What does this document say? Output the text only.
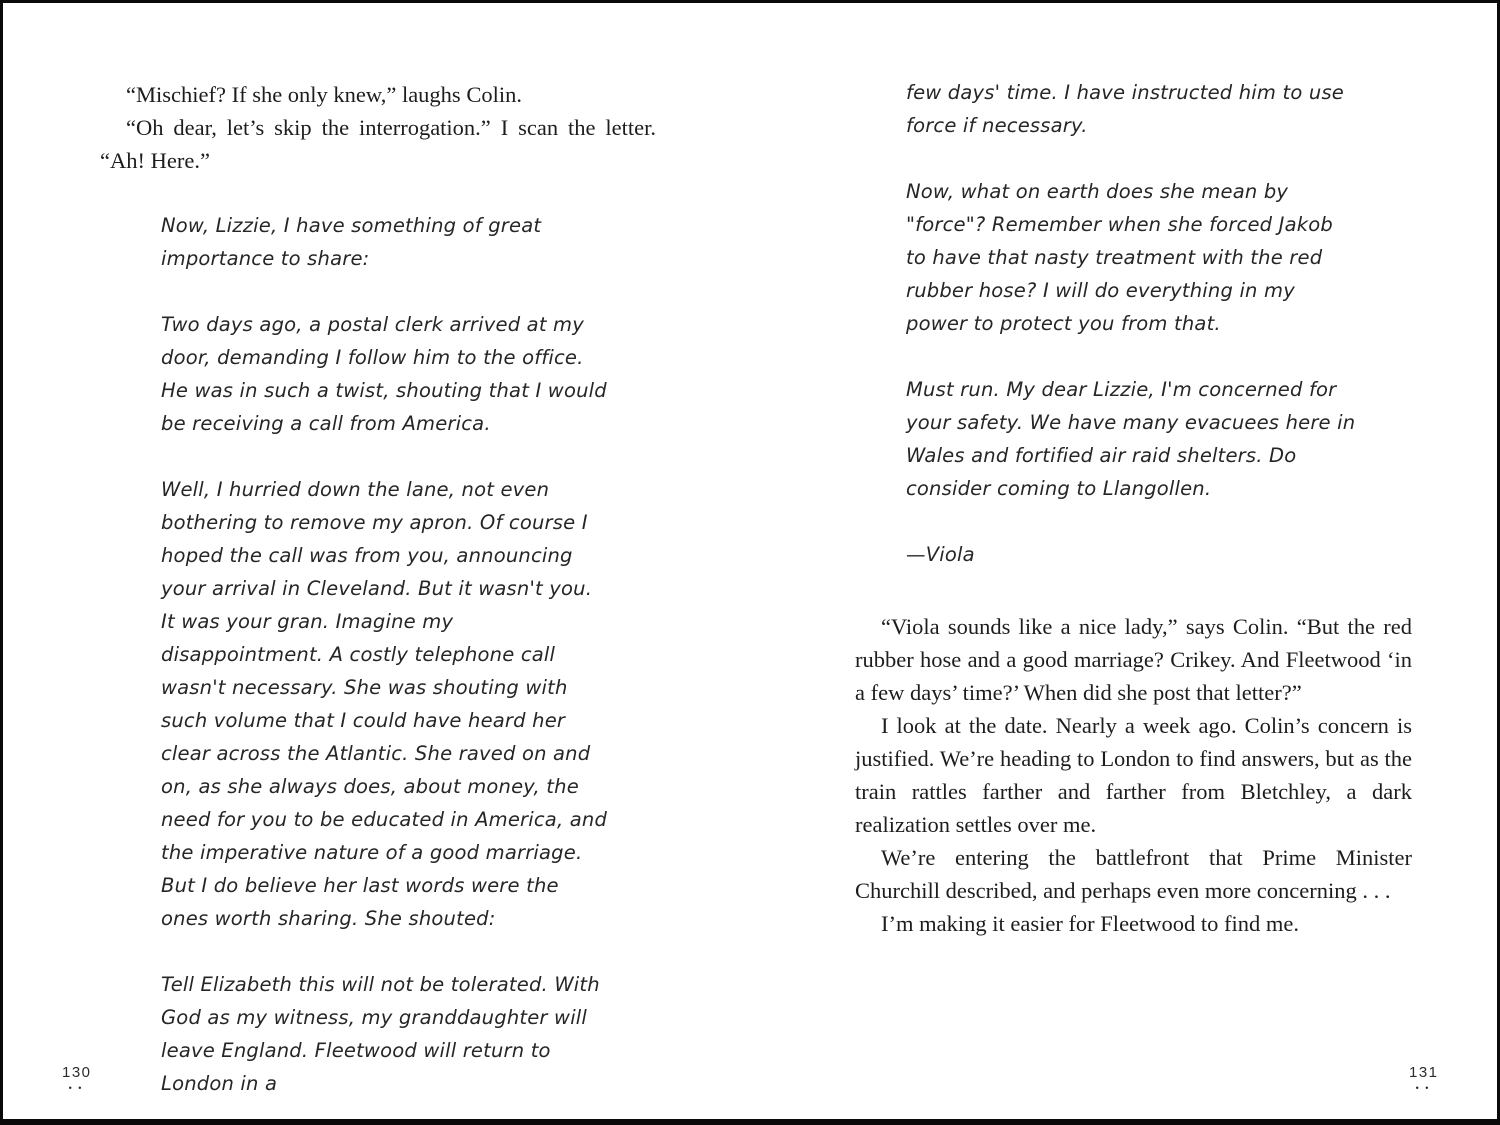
“Mischief? If she only knew,” laughs Colin.

“Oh dear, let’s skip the interrogation.” I scan the letter. “Ah! Here.”

Now, Lizzie, I have something of great importance to share:

Two days ago, a postal clerk arrived at my door, demanding I follow him to the office. He was in such a twist, shouting that I would be receiving a call from America.

Well, I hurried down the lane, not even bothering to remove my apron. Of course I hoped the call was from you, announcing your arrival in Cleveland. But it wasn't you. It was your gran. Imagine my disappointment. A costly telephone call wasn't necessary. She was shouting with such volume that I could have heard her clear across the Atlantic. She raved on and on, as she always does, about money, the need for you to be educated in America, and the imperative nature of a good marriage. But I do believe her last words were the ones worth sharing. She shouted:

Tell Elizabeth this will not be tolerated. With God as my witness, my granddaughter will leave England. Fleetwood will return to London in a

130
• •

few days' time. I have instructed him to use force if necessary.

Now, what on earth does she mean by "force"? Remember when she forced Jakob to have that nasty treatment with the red rubber hose? I will do everything in my power to protect you from that.

Must run. My dear Lizzie, I'm concerned for your safety. We have many evacuees here in Wales and fortified air raid shelters. Do consider coming to Llangollen.

—Viola

“Viola sounds like a nice lady,” says Colin. “But the red rubber hose and a good marriage? Crikey. And Fleetwood ‘in a few days’ time?’ When did she post that letter?”

I look at the date. Nearly a week ago. Colin’s concern is justified. We’re heading to London to find answers, but as the train rattles farther and farther from Bletchley, a dark realization settles over me.

We’re entering the battlefront that Prime Minister Churchill described, and perhaps even more concerning . . .

I’m making it easier for Fleetwood to find me.

131
• •
